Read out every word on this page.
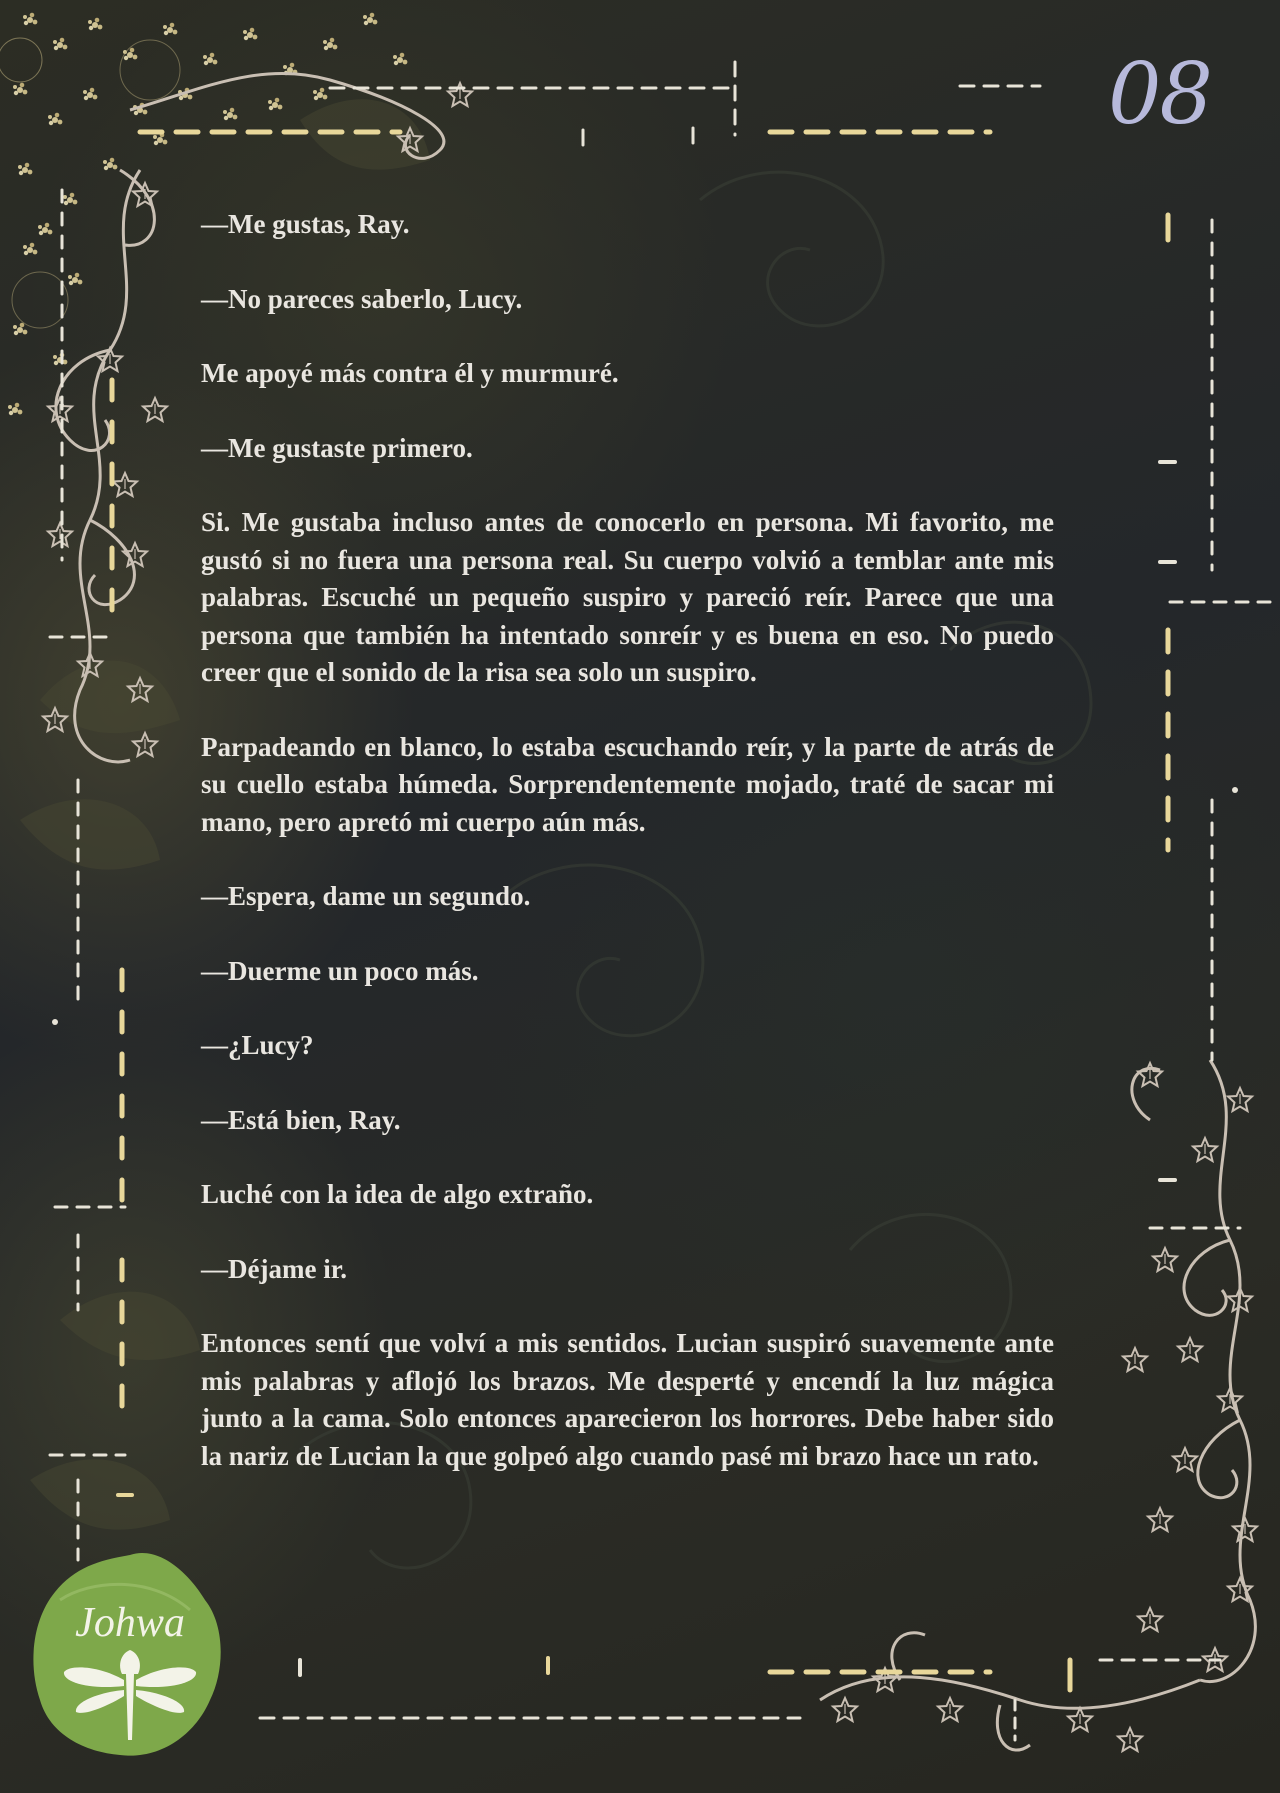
08

—Me gustas, Ray.

—No pareces saberlo, Lucy.

Me apoyé más contra él y murmuré.

—Me gustaste primero.

Si. Me gustaba incluso antes de conocerlo en persona. Mi favorito, me gustó si no fuera una persona real. Su cuerpo volvió a temblar ante mis palabras. Escuché un pequeño suspiro y pareció reír. Parece que una persona que también ha intentado sonreír y es buena en eso. No puedo creer que el sonido de la risa sea solo un suspiro.

Parpadeando en blanco, lo estaba escuchando reír, y la parte de atrás de su cuello estaba húmeda. Sorprendentemente mojado, traté de sacar mi mano, pero apretó mi cuerpo aún más.

—Espera, dame un segundo.

—Duerme un poco más.

—¿Lucy?

—Está bien, Ray.

Luché con la idea de algo extraño.

—Déjame ir.

Entonces sentí que volví a mis sentidos. Lucian suspiró suavemente ante mis palabras y aflojó los brazos. Me desperté y encendí la luz mágica junto a la cama. Solo entonces aparecieron los horrores. Debe haber sido la nariz de Lucian la que golpeó algo cuando pasé mi brazo hace un rato.

Johwa
